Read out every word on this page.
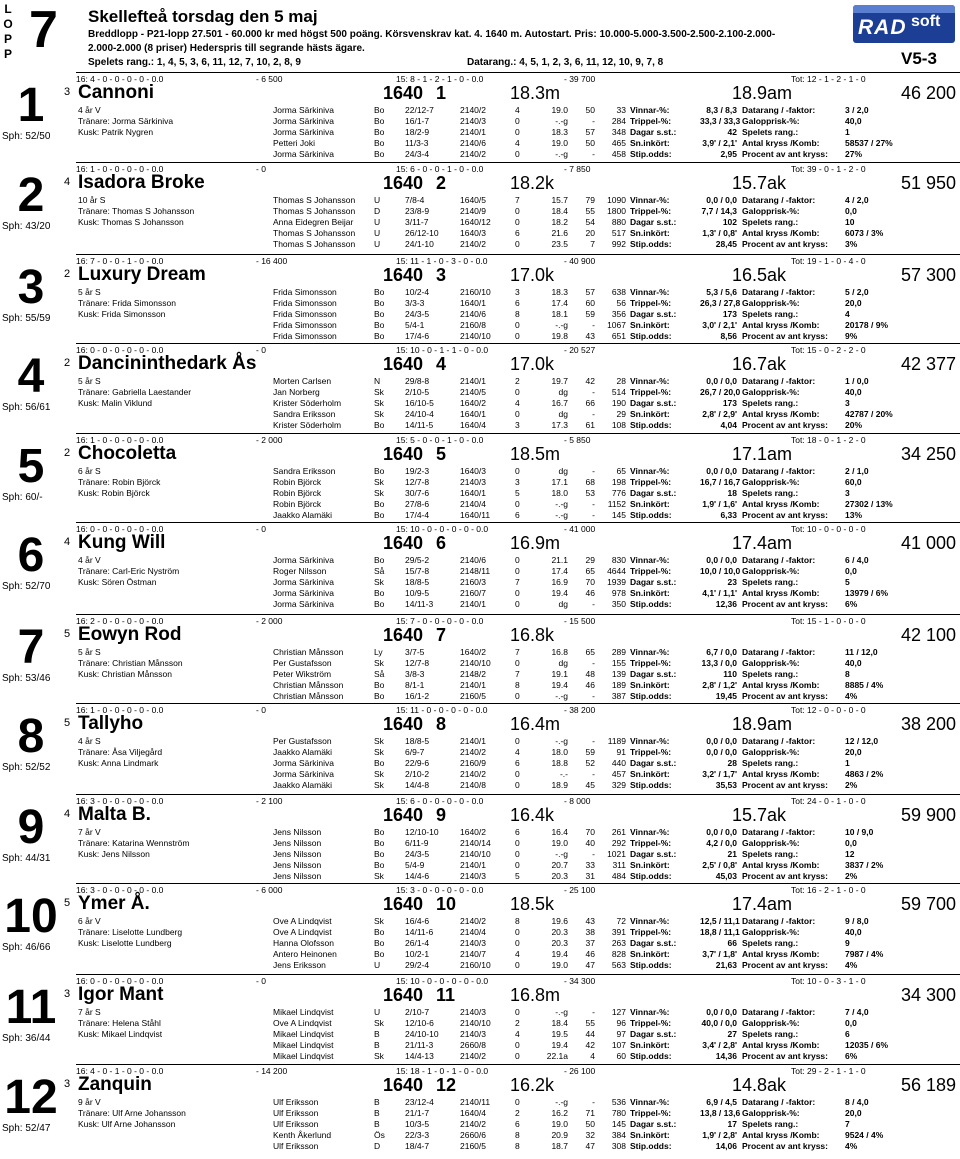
L
O
P
P 7 Skellefteå torsdag den 5 maj
Breddlopp - P21-lopp 27.501 - 60.000 kr med högst 500 poäng. Körsvenskrav kat. 4. 1640 m. Autostart. Pris: 10.000-5.000-3.500-2.500-2.100-2.000-
2.000-2.000 (8 priser) Hederspris till segrande hästs ägare.
Spelets rang.: 1, 4, 5, 3, 6, 11, 12, 7, 10, 2, 8, 9	Datarang.: 4, 5, 1, 2, 3, 6, 11, 12, 10, 9, 7, 8
RAD soft
V5-3
1
Sph: 52/50
16: 4 - 0 - 0 - 0 - 0 - 0.0	- 6 500	15: 8 - 1 - 2 - 1 - 0 - 0.0	- 39 700	Tot: 12 - 1 - 2 - 1 - 0
3 Cannoni	1640 1	18.3m	18.9am	46 200
4 år V
Tränare: Jorma Särkiniva
Kusk: Patrik Nygren
Jorma Särkiniva	Bo 22/12-7	2140/2	4	19.0	50	33
Jorma Särkiniva	Bo 16/1-7	2140/3	0	-.-g	-	284
Jorma Särkiniva	Bo 18/2-9	2140/1	0	18.3	57	348
Petteri Joki	Bo 11/3-3	2140/6	4	19.0	50	465
Jorma Särkiniva	Bo 24/3-4	2140/2	0	-.-g	-	458
Vinnar-%:	8,3 / 8,3 Datarang / -faktor:	3 / 2,0
Trippel-%:	33,3 / 33,3 Galopprisk-%:	40,0
Dagar s.st.:	42 Spelets rang.:	1
Sn.inkört:	3,9' / 2,1' Antal kryss /Komb:	58537 / 27%
Stip.odds:	2,95 Procent av ant kryss: 27%
2
Sph: 43/20
16: 1 - 0 - 0 - 0 - 0 - 0.0	- 0	15: 6 - 0 - 0 - 1 - 0 - 0.0	- 7 850	Tot: 39 - 0 - 1 - 2 - 0
4 Isadora Broke	1640 2	18.2k	15.7ak	51 950
10 år S
Tränare: Thomas S Johansson
Kusk: Thomas S Johansson
Thomas S Johansson U	7/8-4	1640/5	7	15.7	79	1090
Thomas S Johansson D	23/8-9	2140/9	0	18.4	55	1800
Anna Eidegren Beijar U	3/11-7	1640/12	0	18.2	54	880
Thomas S Johansson U	26/12-10	1640/3	6	21.6	20	517
Thomas S Johansson U	24/1-10	2140/2	0	23.5	7	992
Vinnar-%:	0,0 / 0,0 Datarang / -faktor:	4 / 2,0
Trippel-%:	7,7 / 14,3 Galopprisk-%:	0,0
Dagar s.st.:	102 Spelets rang.:	10
Sn.inkört:	1,3' / 0,8' Antal kryss /Komb:	6073 / 3%
Stip.odds:	28,45 Procent av ant kryss: 3%
3
Sph: 55/59
16: 7 - 0 - 0 - 1 - 0 - 0.0	- 16 400	15: 11 - 1 - 0 - 3 - 0 - 0.0	- 40 900	Tot: 19 - 1 - 0 - 4 - 0
2 Luxury Dream	1640 3	17.0k	16.5ak	57 300
5 år S
Tränare: Frida Simonsson
Kusk: Frida Simonsson
Frida Simonsson	Bo 10/2-4	2160/10	3	18.3	57	638
Frida Simonsson	Bo 3/3-3	1640/1	6	17.4	60	56
Frida Simonsson	Bo 24/3-5	2140/6	8	18.1	59	356
Frida Simonsson	Bo 5/4-1	2160/8	0	-.-g	-	1067
Frida Simonsson	Bo 17/4-6	2140/10	0	19.8	43	651
Vinnar-%:	5,3 / 5,6 Datarang / -faktor:	5 / 2,0
Trippel-%:	26,3 / 27,8 Galopprisk-%:	20,0
Dagar s.st.:	173 Spelets rang.:	4
Sn.inkört:	3,0' / 2,1' Antal kryss /Komb:	20178 / 9%
Stip.odds:	8,56 Procent av ant kryss: 9%
4
Sph: 56/61
16: 0 - 0 - 0 - 0 - 0 - 0.0	- 0	15: 10 - 0 - 1 - 1 - 0 - 0.0	- 20 527	Tot: 15 - 0 - 2 - 2 - 0
2 Dancininthedark Ås	1640 4	17.0k	16.7ak	42 377
5 år S
Tränare: Gabriella Laestander
Kusk: Malin Viklund
Morten Carlsen	N	29/8-8	2140/1	2	19.7	42	28
Jan Norberg	Sk 2/10-5	2140/5	0	dg	-	514
Krister Söderholm	Sk 16/10-5	1640/2	4	16.7	66	190
Sandra Eriksson	Sk 24/10-4	1640/1	0	dg	-	29
Krister Söderholm	Bo 14/11-5	1640/4	3	17.3	61	108
Vinnar-%:	0,0 / 0,0 Datarang / -faktor:	1 / 0,0
Trippel-%:	26,7 / 20,0 Galopprisk-%:	40,0
Dagar s.st.:	173 Spelets rang.:	3
Sn.inkört:	2,8' / 2,9' Antal kryss /Komb:	42787 / 20%
Stip.odds:	4,04 Procent av ant kryss: 20%
5
Sph: 60/-
16: 1 - 0 - 0 - 0 - 0 - 0.0	- 2 000	15: 5 - 0 - 0 - 1 - 0 - 0.0	- 5 850	Tot: 18 - 0 - 1 - 2 - 0
2 Chocoletta	1640 5	18.5m	17.1am	34 250
6 år S
Tränare: Robin Björck
Kusk: Robin Björck
Sandra Eriksson	Bo 19/2-3	1640/3	0	dg	-	65
Robin Björck	Sk 12/7-8	2140/3	3	17.1	68	198
Robin Björck	Sk 30/7-6	1640/1	5	18.0	53	776
Robin Björck	Bo 27/8-6	2140/4	0	-.-g	-	1152
Jaakko Alamäki	Bo 17/4-4	1640/11	6	-.-g	-	145
Vinnar-%:	0,0 / 0,0 Datarang / -faktor:	2 / 1,0
Trippel-%:	16,7 / 16,7 Galopprisk-%:	60,0
Dagar s.st.:	18 Spelets rang.:	3
Sn.inkört:	1,9' / 1,6' Antal kryss /Komb:	27302 / 13%
Stip.odds:	6,33 Procent av ant kryss: 13%
6
Sph: 52/70
16: 0 - 0 - 0 - 0 - 0 - 0.0	- 0	15: 10 - 0 - 0 - 0 - 0 - 0.0	- 41 000	Tot: 10 - 0 - 0 - 0 - 0
4 Kung Will	1640 6	16.9m	17.4am	41 000
4 år V
Tränare: Carl-Eric Nyström
Kusk: Sören Östman
Jorma Särkiniva	Bo 29/5-2	2140/6	0	21.1	29	830
Roger Nilsson	Så 15/7-8	2148/11	0	17.4	65	4644
Jorma Särkiniva	Sk 18/8-5	2160/3	7	16.9	70	1939
Jorma Särkiniva	Bo 10/9-5	2160/7	0	19.4	46	978
Jorma Särkiniva	Bo 14/11-3	2140/1	0	dg	-	350
Vinnar-%:	0,0 / 0,0 Datarang / -faktor:	6 / 4,0
Trippel-%:	10,0 / 10,0 Galopprisk-%:	0,0
Dagar s.st.:	23 Spelets rang.:	5
Sn.inkört:	4,1' / 1,1' Antal kryss /Komb:	13979 / 6%
Stip.odds:	12,36 Procent av ant kryss: 6%
7
Sph: 53/46
16: 2 - 0 - 0 - 0 - 0 - 0.0	- 2 000	15: 7 - 0 - 0 - 0 - 0 - 0.0	- 15 500	Tot: 15 - 1 - 0 - 0 - 0
5 Eowyn Rod	1640 7	16.8k	42 100
5 år S
Tränare: Christian Månsson
Kusk: Christian Månsson
Christian Månsson	Ly	3/7-5	1640/2	7	16.8	65	289
Per Gustafsson	Sk 12/7-8	2140/10	0	dg	-	155
Peter Wikström	Så 3/8-3	2148/2	7	19.1	48	139
Christian Månsson	Bo 8/1-1	2140/1	8	19.4	46	189
Christian Månsson	Bo 16/1-2	2160/5	0	-.-g	-	387
Vinnar-%:	6,7 / 0,0 Datarang / -faktor:	11 / 12,0
Trippel-%:	13,3 / 0,0 Galopprisk-%:	40,0
Dagar s.st.:	110 Spelets rang.:	8
Sn.inkört:	2,8' / 1,2' Antal kryss /Komb:	8885 / 4%
Stip.odds:	19,45 Procent av ant kryss: 4%
8
Sph: 52/52
16: 1 - 0 - 0 - 0 - 0 - 0.0	- 0	15: 11 - 0 - 0 - 0 - 0 - 0.0	- 38 200	Tot: 12 - 0 - 0 - 0 - 0
5 Tallyho	1640 8	16.4m	18.9am	38 200
4 år S
Tränare: Åsa Viljegård
Kusk: Anna Lindmark
Per Gustafsson	Sk 18/8-5	2140/1	0	-.-g	-	1189
Jaakko Alamäki	Sk 6/9-7	2140/2	4	18.0	59	91
Jorma Särkiniva	Bo 22/9-6	2160/9	6	18.8	52	440
Jorma Särkiniva	Sk 2/10-2	2140/2	0	-.-	-	457
Jaakko Alamäki	Sk 14/4-8	2140/8	0	18.9	45	329
Vinnar-%:	0,0 / 0,0 Datarang / -faktor:	12 / 12,0
Trippel-%:	0,0 / 0,0 Galopprisk-%:	20,0
Dagar s.st.:	28 Spelets rang.:	1
Sn.inkört:	3,2' / 1,7' Antal kryss /Komb:	4863 / 2%
Stip.odds:	35,53 Procent av ant kryss: 2%
9
Sph: 44/31
16: 3 - 0 - 0 - 0 - 0 - 0.0	- 2 100	15: 6 - 0 - 0 - 0 - 0 - 0.0	- 8 000	Tot: 24 - 0 - 1 - 0 - 0
4 Malta B.	1640 9	16.4k	15.7ak	59 900
7 år V
Tränare: Katarina Wennström
Kusk: Jens Nilsson
Jens Nilsson	Bo 12/10-10	1640/2	6	16.4	70	261
Jens Nilsson	Bo 6/11-9	2140/14	0	19.0	40	292
Jens Nilsson	Bo 24/3-5	2140/10	0	-.-g	-	1021
Jens Nilsson	Bo 5/4-9	2140/1	0	20.7	33	311
Jens Nilsson	Sk 14/4-6	2140/3	5	20.3	31	484
Vinnar-%:	0,0 / 0,0 Datarang / -faktor:	10 / 9,0
Trippel-%:	4,2 / 0,0 Galopprisk-%:	0,0
Dagar s.st.:	21 Spelets rang.:	12
Sn.inkört:	2,5' / 0,8' Antal kryss /Komb:	3837 / 2%
Stip.odds:	45,03 Procent av ant kryss: 2%
10
Sph: 46/66
16: 3 - 0 - 0 - 0 - 0 - 0.0	- 6 000	15: 3 - 0 - 0 - 0 - 0 - 0.0	- 25 100	Tot: 16 - 2 - 1 - 0 - 0
5 Ymer Å.	1640 10	18.5k	17.4am	59 700
6 år V
Tränare: Liselotte Lundberg
Kusk: Liselotte Lundberg
Ove A Lindqvist	Sk 16/4-6	2140/2	8	19.6	43	72
Ove A Lindqvist	Bo 14/11-6	2140/4	0	20.3	38	391
Hanna Olofsson	Bo 26/1-4	2140/3	0	20.3	37	263
Antero Heinonen	Bo 10/2-1	2140/7	4	19.4	46	828
Jens Eriksson	U	29/2-4	2160/10	0	19.0	47	563
Vinnar-%:	12,5 / 11,1 Datarang / -faktor:	9 / 8,0
Trippel-%:	18,8 / 11,1 Galopprisk-%:	40,0
Dagar s.st.:	66 Spelets rang.:	9
Sn.inkört:	3,7' / 1,8' Antal kryss /Komb:	7987 / 4%
Stip.odds:	21,63 Procent av ant kryss: 4%
11
Sph: 36/44
16: 0 - 0 - 0 - 0 - 0 - 0.0	- 0	15: 10 - 0 - 0 - 0 - 0 - 0.0	- 34 300	Tot: 10 - 0 - 3 - 1 - 0
3 Igor Mant	1640 11	16.8m	34 300
7 år S
Tränare: Helena Ståhl
Kusk: Mikael Lindqvist
Mikael Lindqvist	U	2/10-7	2140/3	0	-.-g	-	127
Ove A Lindqvist	Sk 12/10-6	2140/10	2	18.4	55	96
Mikael Lindqvist	B	24/10-10	2140/3	4	19.5	44	97
Mikael Lindqvist	B	21/11-3	2660/8	0	19.4	42	107
Mikael Lindqvist	Sk 14/4-13	2140/2	0	22.1a	4	60
Vinnar-%:	0,0 / 0,0 Datarang / -faktor:	7 / 4,0
Trippel-%:	40,0 / 0,0 Galopprisk-%:	0,0
Dagar s.st.:	27 Spelets rang.:	6
Sn.inkört:	3,4' / 2,8' Antal kryss /Komb:	12035 / 6%
Stip.odds:	14,36 Procent av ant kryss: 6%
12
Sph: 52/47
16: 4 - 0 - 1 - 0 - 0 - 0.0	- 14 200	15: 18 - 1 - 0 - 1 - 0 - 0.0	- 26 100	Tot: 29 - 2 - 1 - 1 - 0
3 Zanquin	1640 12	16.2k	14.8ak	56 189
9 år V
Tränare: Ulf Arne Johansson
Kusk: Ulf Arne Johansson
Ulf Eriksson	B	23/12-4	2140/11	0	-.-g	-	536
Ulf Eriksson	B	21/1-7	1640/4	2	16.2	71	780
Ulf Eriksson	B	10/3-5	2140/2	6	19.0	50	145
Kenth Åkerlund	Ös 22/3-3	2660/6	8	20.9	32	384
Ulf Eriksson	D	18/4-7	2160/5	8	18.7	47	308
Vinnar-%:	6,9 / 4,5 Datarang / -faktor:	8 / 4,0
Trippel-%:	13,8 / 13,6 Galopprisk-%:	20,0
Dagar s.st.:	17 Spelets rang.:	7
Sn.inkört:	1,9' / 2,8' Antal kryss /Komb:	9524 / 4%
Stip.odds:	14,06 Procent av ant kryss: 4%
